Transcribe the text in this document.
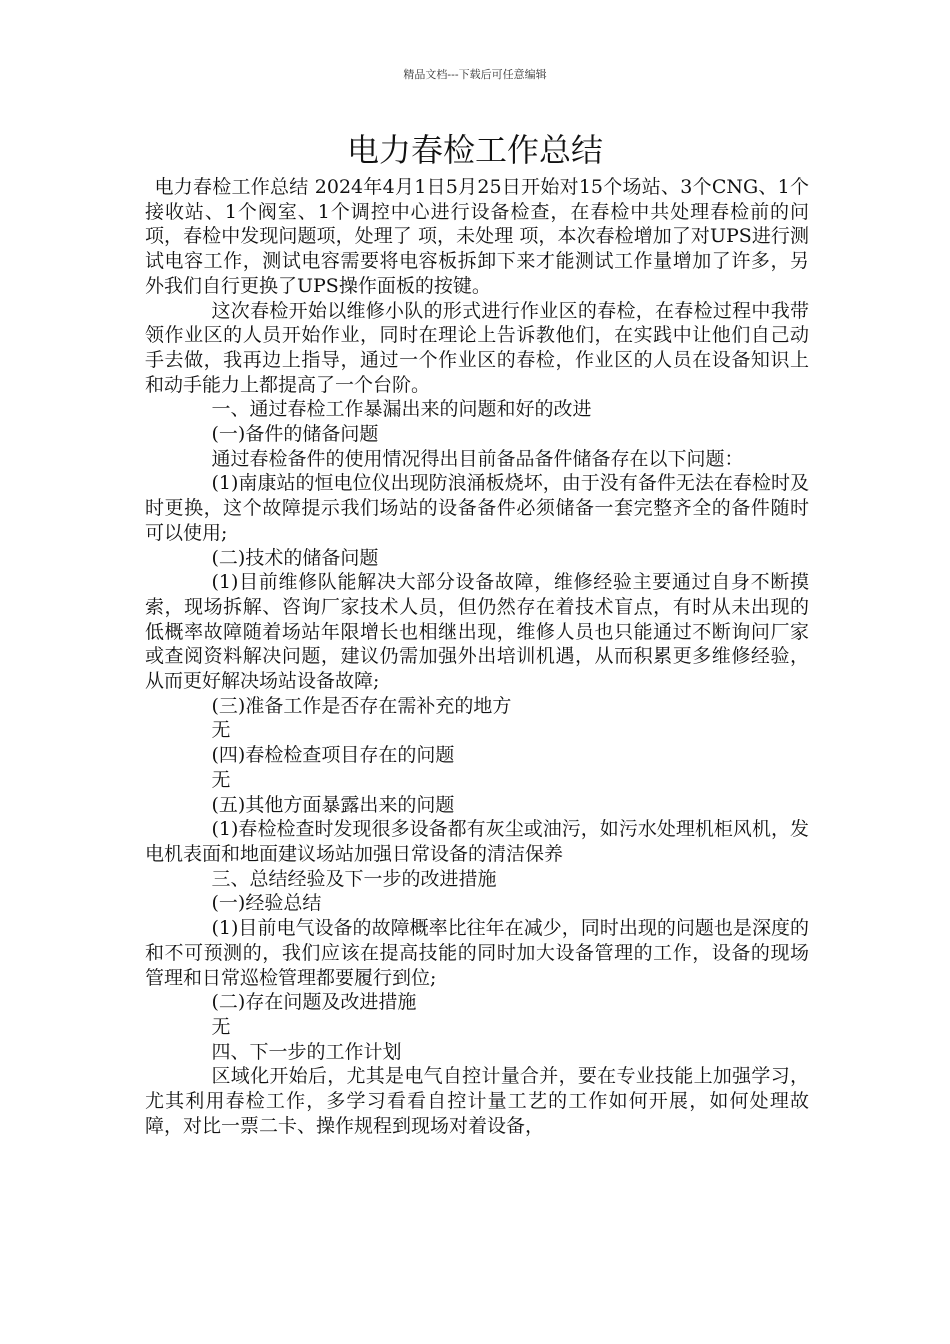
精品文档---下载后可任意编辑
电力春检工作总结

电力春检工作总结 2024年4月1日5月25日开始对15个场站、3个CNG、1个接收站、1个阀室、1个调控中心进行设备检查，在春检中共处理春检前的问 项，春检中发现问题项，处理了 项，未处理 项，本次春检增加了对UPS进行测试电容工作，测试电容需要将电容板拆卸下来才能测试工作量增加了许多，另外我们自行更换了UPS操作面板的按键。

这次春检开始以维修小队的形式进行作业区的春检，在春检过程中我带领作业区的人员开始作业，同时在理论上告诉教他们，在实践中让他们自己动手去做，我再边上指导，通过一个作业区的春检，作业区的人员在设备知识上和动手能力上都提高了一个台阶。

一、通过春检工作暴漏出来的问题和好的改进

(一)备件的储备问题

通过春检备件的使用情况得出目前备品备件储备存在以下问题：

(1)南康站的恒电位仪出现防浪涌板烧坏，由于没有备件无法在春检时及时更换，这个故障提示我们场站的设备备件必须储备一套完整齐全的备件随时可以使用;

(二)技术的储备问题

(1)目前维修队能解决大部分设备故障，维修经验主要通过自身不断摸索，现场拆解、咨询厂家技术人员，但仍然存在着技术盲点，有时从未出现的低概率故障随着场站年限增长也相继出现，维修人员也只能通过不断询问厂家或查阅资料解决问题，建议仍需加强外出培训机遇，从而积累更多维修经验，从而更好解决场站设备故障;

(三)准备工作是否存在需补充的地方

无

(四)春检检查项目存在的问题

无

(五)其他方面暴露出来的问题

(1)春检检查时发现很多设备都有灰尘或油污，如污水处理机柜风机，发电机表面和地面建议场站加强日常设备的清洁保养

三、总结经验及下一步的改进措施

(一)经验总结

(1)目前电气设备的故障概率比往年在减少，同时出现的问题也是深度的和不可预测的，我们应该在提高技能的同时加大设备管理的工作，设备的现场管理和日常巡检管理都要履行到位;

(二)存在问题及改进措施

无

四、下一步的工作计划

区域化开始后，尤其是电气自控计量合并，要在专业技能上加强学习，尤其利用春检工作，多学习看看自控计量工艺的工作如何开展，如何处理故障，对比一票二卡、操作规程到现场对着设备，
